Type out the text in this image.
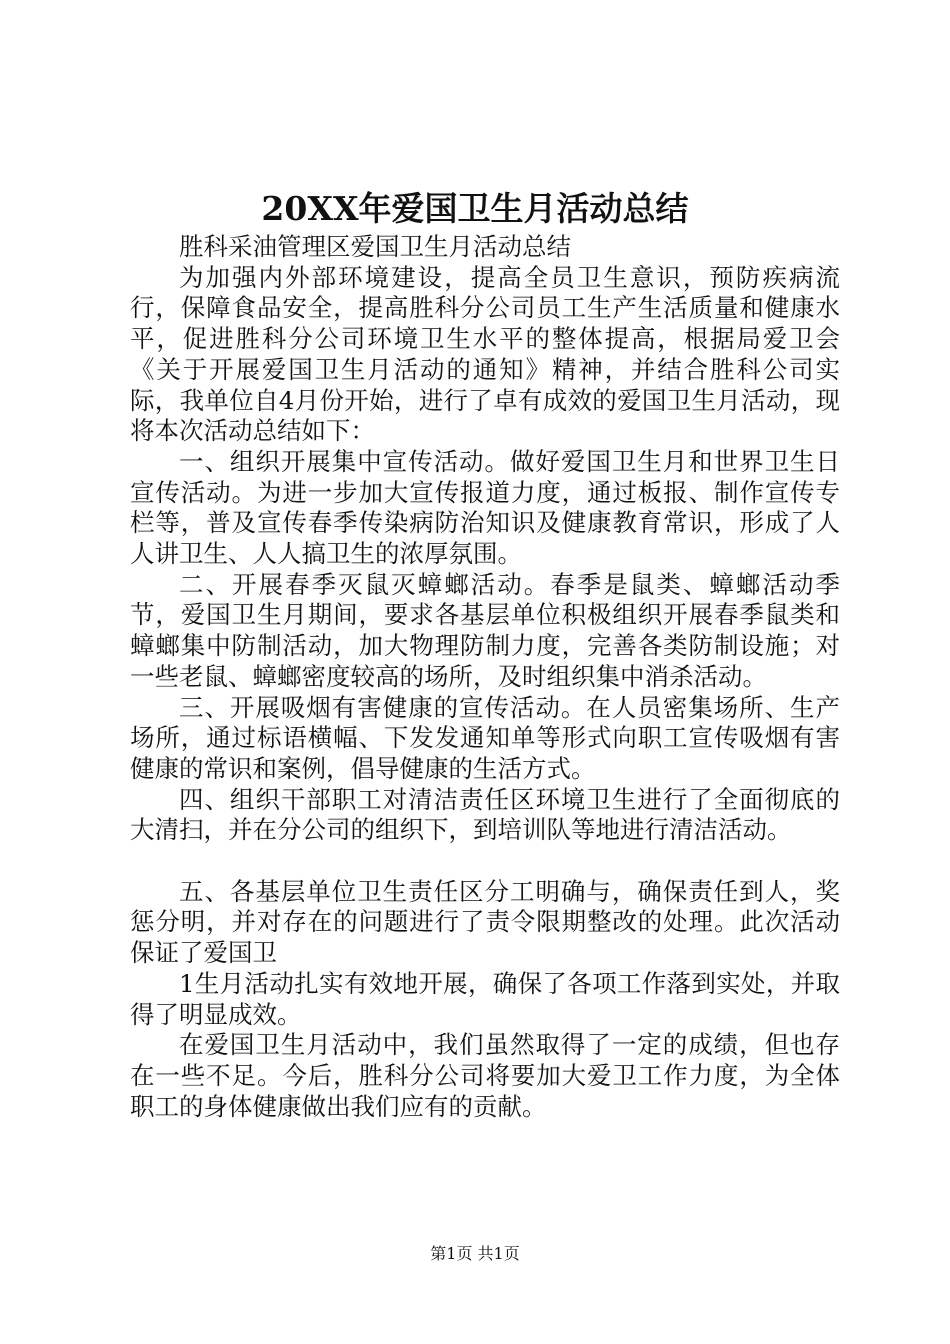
20XX年爱国卫生月活动总结

胜科采油管理区爱国卫生月活动总结

为加强内外部环境建设，提高全员卫生意识，预防疾病流行，保障食品安全，提高胜科分公司员工生产生活质量和健康水平，促进胜科分公司环境卫生水平的整体提高，根据局爱卫会《关于开展爱国卫生月活动的通知》精神，并结合胜科公司实际，我单位自4月份开始，进行了卓有成效的爱国卫生月活动，现将本次活动总结如下：

一、组织开展集中宣传活动。做好爱国卫生月和世界卫生日宣传活动。为进一步加大宣传报道力度，通过板报、制作宣传专栏等，普及宣传春季传染病防治知识及健康教育常识，形成了人人讲卫生、人人搞卫生的浓厚氛围。

二、开展春季灭鼠灭蟑螂活动。春季是鼠类、蟑螂活动季节，爱国卫生月期间，要求各基层单位积极组织开展春季鼠类和蟑螂集中防制活动，加大物理防制力度，完善各类防制设施；对一些老鼠、蟑螂密度较高的场所，及时组织集中消杀活动。

三、开展吸烟有害健康的宣传活动。在人员密集场所、生产场所，通过标语横幅、下发发通知单等形式向职工宣传吸烟有害健康的常识和案例，倡导健康的生活方式。

四、组织干部职工对清洁责任区环境卫生进行了全面彻底的大清扫，并在分公司的组织下，到培训队等地进行清洁活动。

五、各基层单位卫生责任区分工明确与，确保责任到人，奖惩分明，并对存在的问题进行了责令限期整改的处理。此次活动保证了爱国卫

1生月活动扎实有效地开展，确保了各项工作落到实处，并取得了明显成效。

在爱国卫生月活动中，我们虽然取得了一定的成绩，但也存在一些不足。今后，胜科分公司将要加大爱卫工作力度，为全体职工的身体健康做出我们应有的贡献。

第1页 共1页
